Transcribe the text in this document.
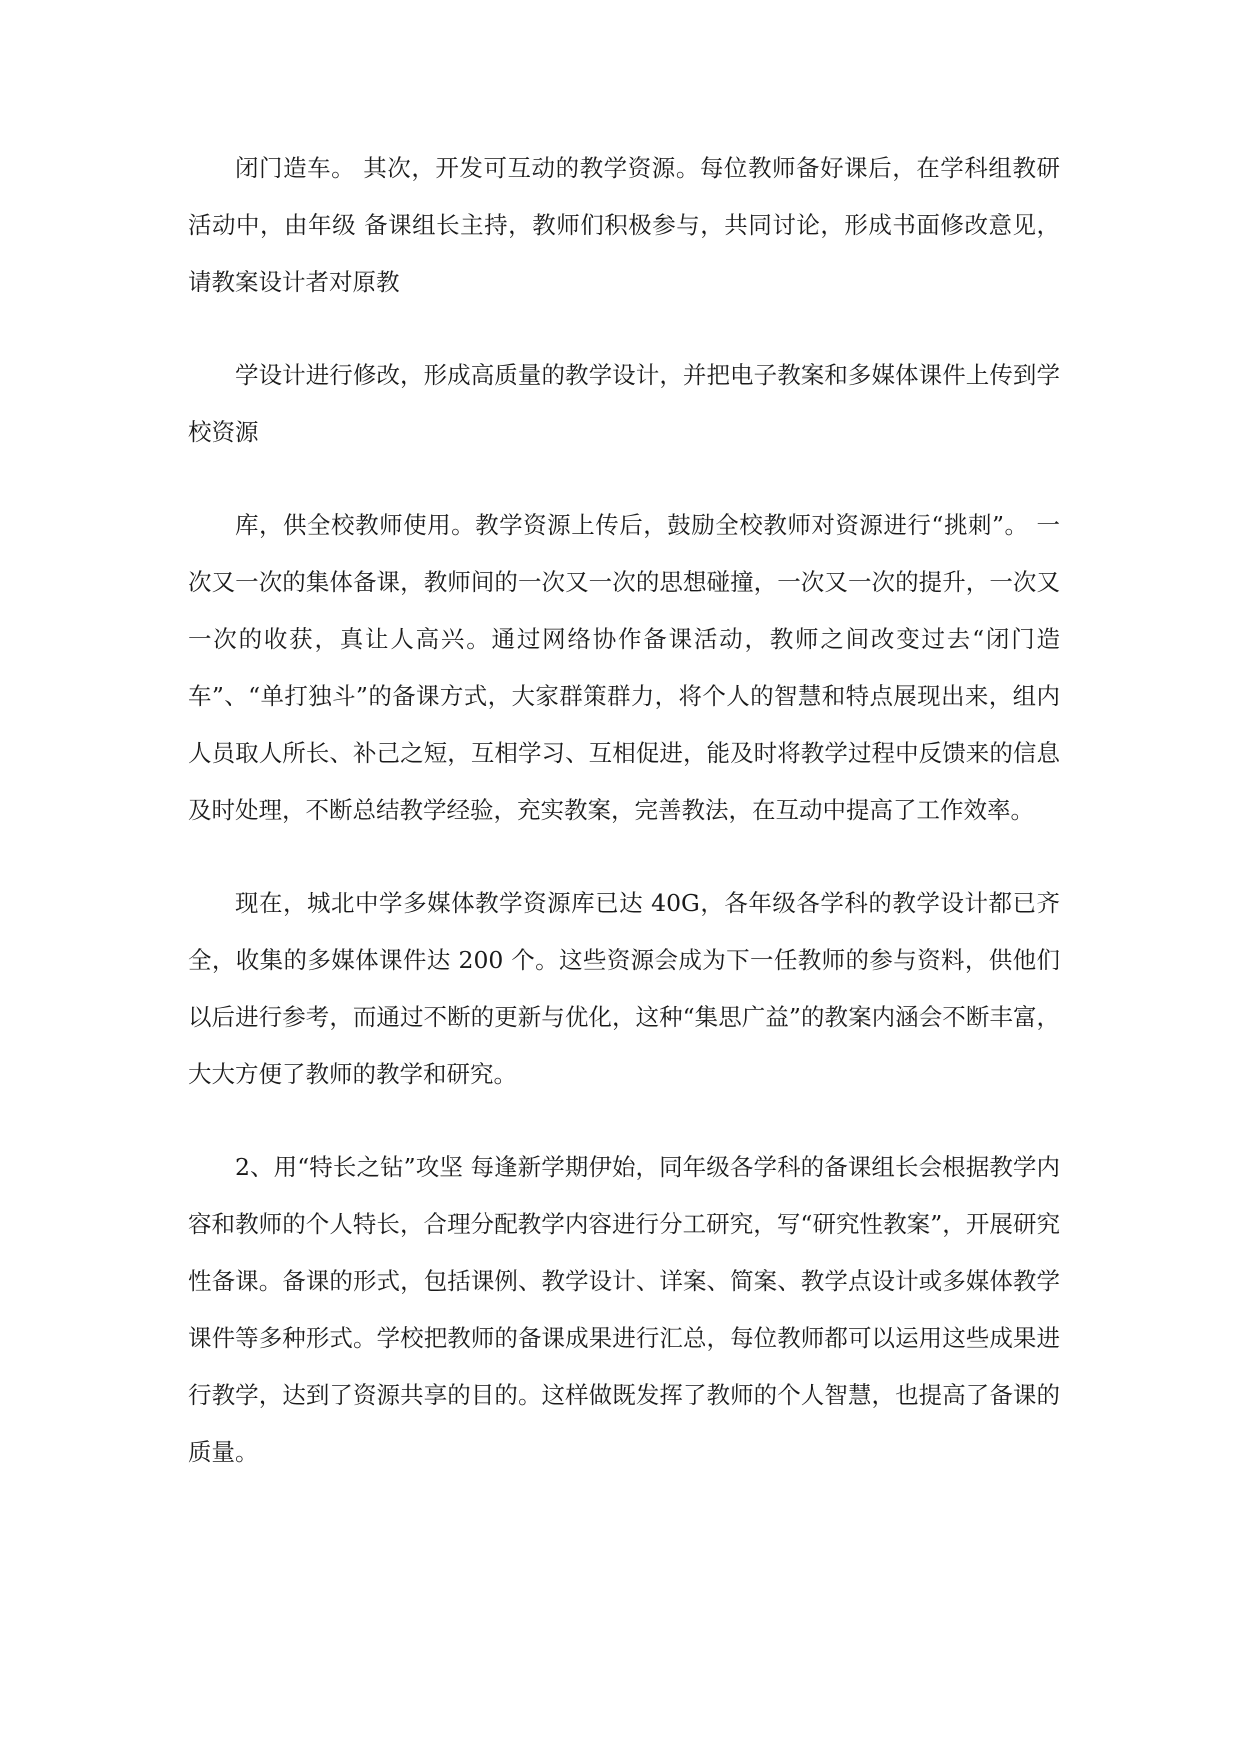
闭门造车。 其次，开发可互动的教学资源。每位教师备好课后，在学科组教研活动中，由年级 备课组长主持，教师们积极参与，共同讨论，形成书面修改意见，请教案设计者对原教

学设计进行修改，形成高质量的教学设计，并把电子教案和多媒体课件上传到学校资源

库，供全校教师使用。教学资源上传后，鼓励全校教师对资源进行“挑刺”。 一次又一次的集体备课，教师间的一次又一次的思想碰撞，一次又一次的提升，一次又一次的收获，真让人高兴。通过网络协作备课活动，教师之间改变过去“闭门造车”、“单打独斗”的备课方式，大家群策群力，将个人的智慧和特点展现出来，组内人员取人所长、补己之短，互相学习、互相促进，能及时将教学过程中反馈来的信息及时处理，不断总结教学经验，充实教案，完善教法，在互动中提高了工作效率。

现在，城北中学多媒体教学资源库已达 40G，各年级各学科的教学设计都已齐全，收集的多媒体课件达 200 个。这些资源会成为下一任教师的参与资料，供他们以后进行参考，而通过不断的更新与优化，这种“集思广益”的教案内涵会不断丰富，大大方便了教师的教学和研究。

2、用“特长之钻”攻坚 每逢新学期伊始，同年级各学科的备课组长会根据教学内容和教师的个人特长，合理分配教学内容进行分工研究，写“研究性教案”，开展研究性备课。备课的形式，包括课例、教学设计、详案、简案、教学点设计或多媒体教学课件等多种形式。学校把教师的备课成果进行汇总，每位教师都可以运用这些成果进行教学，达到了资源共享的目的。这样做既发挥了教师的个人智慧，也提高了备课的质量。
